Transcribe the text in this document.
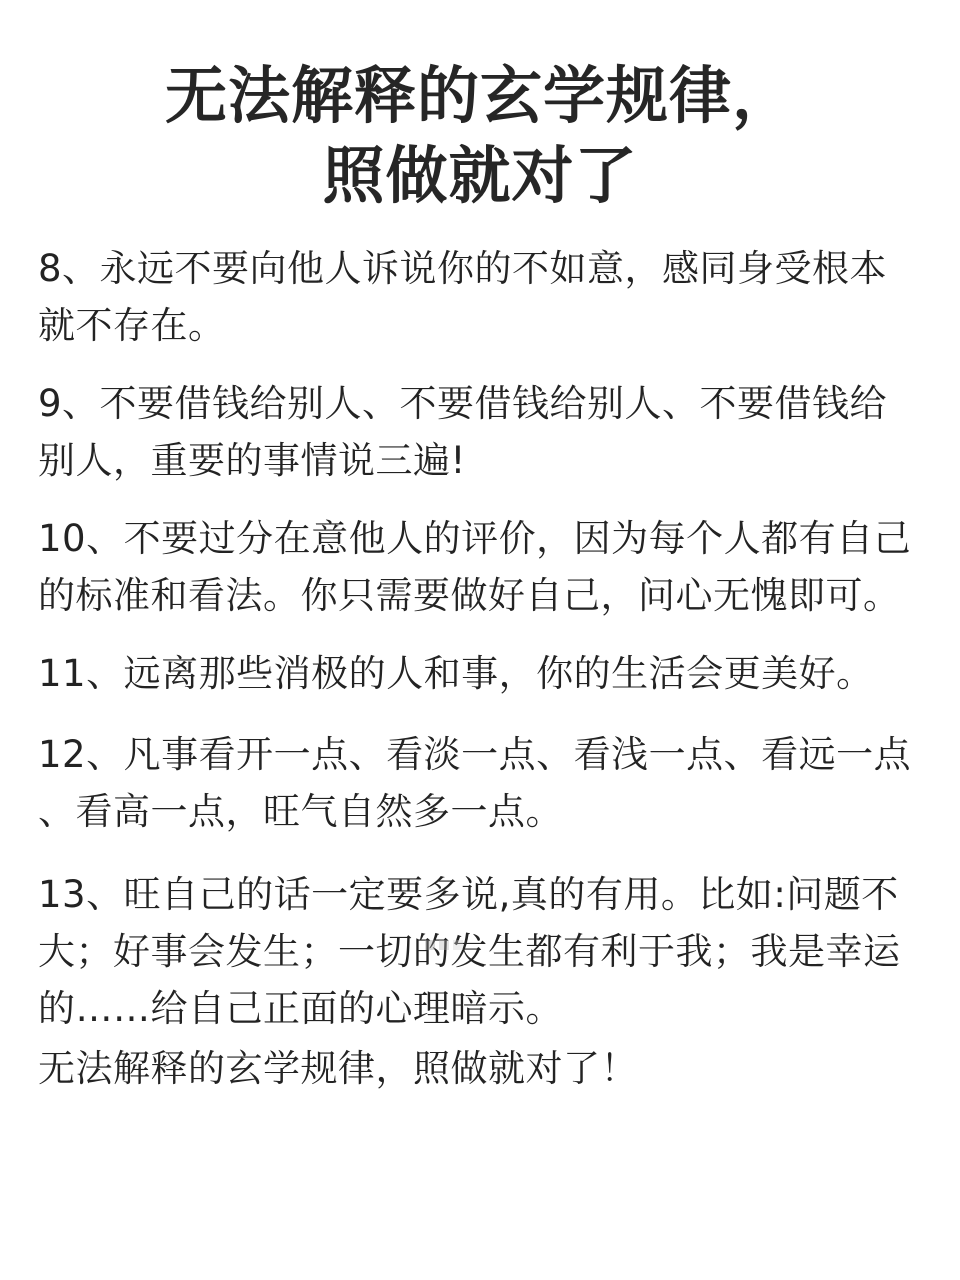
无法解释的玄学规律，
照做就对了
8、永远不要向他人诉说你的不如意，感同身受根本
就不存在。
9、不要借钱给别人、不要借钱给别人、不要借钱给
别人，重要的事情说三遍!
10、不要过分在意他人的评价，因为每个人都有自己
的标准和看法。你只需要做好自己，问心无愧即可。
11、远离那些消极的人和事，你的生活会更美好。
12、凡事看开一点、看淡一点、看浅一点、看远一点
、看高一点，旺气自然多一点。
13、旺自己的话一定要多说,真的有用。比如:问题不
大；好事会发生；一切的发生都有利于我；我是幸运
的……给自己正面的心理暗示。
无法解释的玄学规律，照做就对了！
